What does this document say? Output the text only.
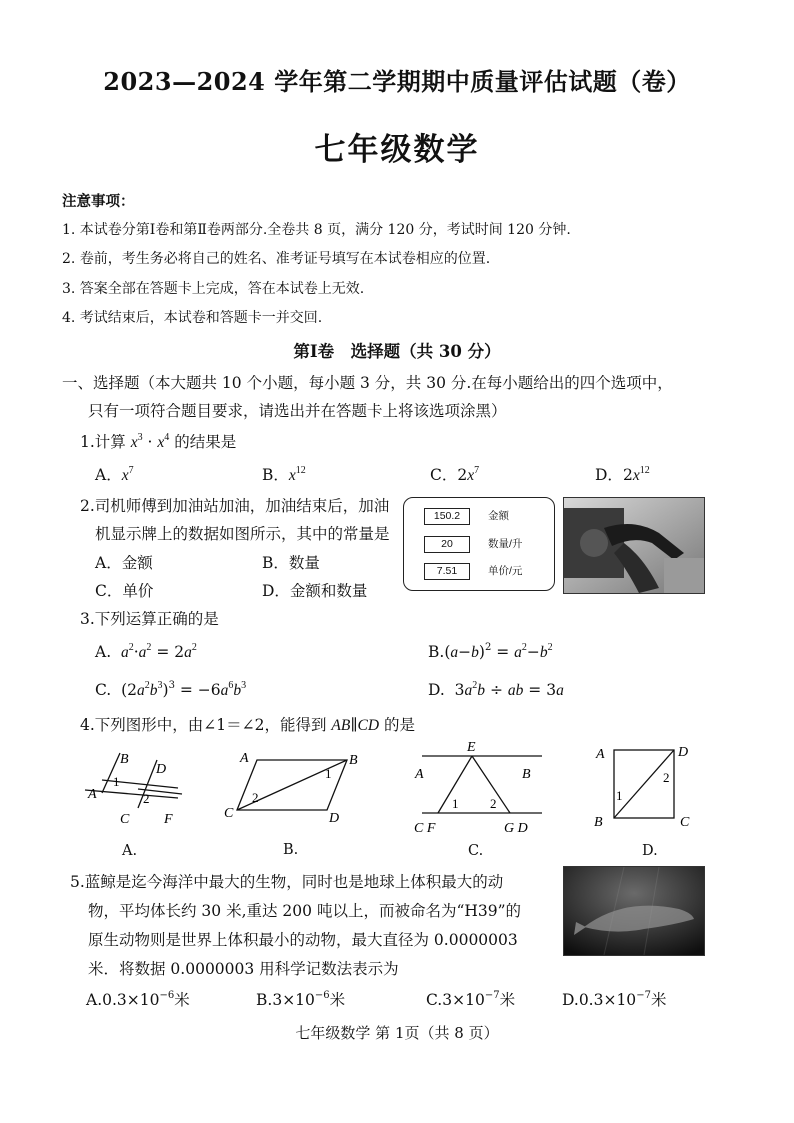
2023—2024 学年第二学期期中质量评估试题（卷）
七年级数学
注意事项：
1. 本试卷分第Ⅰ卷和第Ⅱ卷两部分.全卷共 8 页，满分 120 分，考试时间 120 分钟.
2. 卷前，考生务必将自己的姓名、准考证号填写在本试卷相应的位置.
3. 答案全部在答题卡上完成，答在本试卷上无效.
4. 考试结束后，本试卷和答题卡一并交回.
第Ⅰ卷　选择题（共 30 分）
一、选择题（本大题共 10 个小题，每小题 3 分，共 30 分.在每小题给出的四个选项中，
只有一项符合题目要求，请选出并在答题卡上将该选项涂黑）
1.计算 $x^3 \cdot x^4$ 的结果是
A．$x^7$	B．$x^{12}$	C．$2x^7$	D．$2x^{12}$
2.司机师傅到加油站加油，加油结束后，加油
机显示牌上的数据如图所示，其中的常量是
A．金额	B．数量
C．单价	D．金额和数量
150.2	金额
20	数量/升
7.51	单价/元
3.下列运算正确的是
A. $a^2\cdot a^2 = 2a^2$	$B.(a-b)^2 = a^2-b^2$
C.  $(2a^2b^3)^3 = -6a^6b^3$	D.  $3a^2b$ ÷ ab = 3a
4.下列图形中，由∠1＝∠2，能得到 AB∥CD 的是
A
B
1
D
2
C F
A.
A	B
C	D
2
1
B.
E
A	B
1 2
C F	G D
C.
A	D
B	C
1
2
D.
5.蓝鲸是迄今海洋中最大的生物，同时也是地球上体积最大的动
物，平均体长约 30 米,重达 200 吨以上，而被命名为“H39”的
原生动物则是世界上体积最小的动物，最大直径为 0.0000003
米．将数据 0.0000003 用科学记数法表示为
$A.0.3\times 10^{-6}$米	$B.3\times 10^{-6}$米	$C.3\times 10^{-7}$米	$D.0.3\times 10^{-7}$米
七年级数学 第 1页（共 8 页）
